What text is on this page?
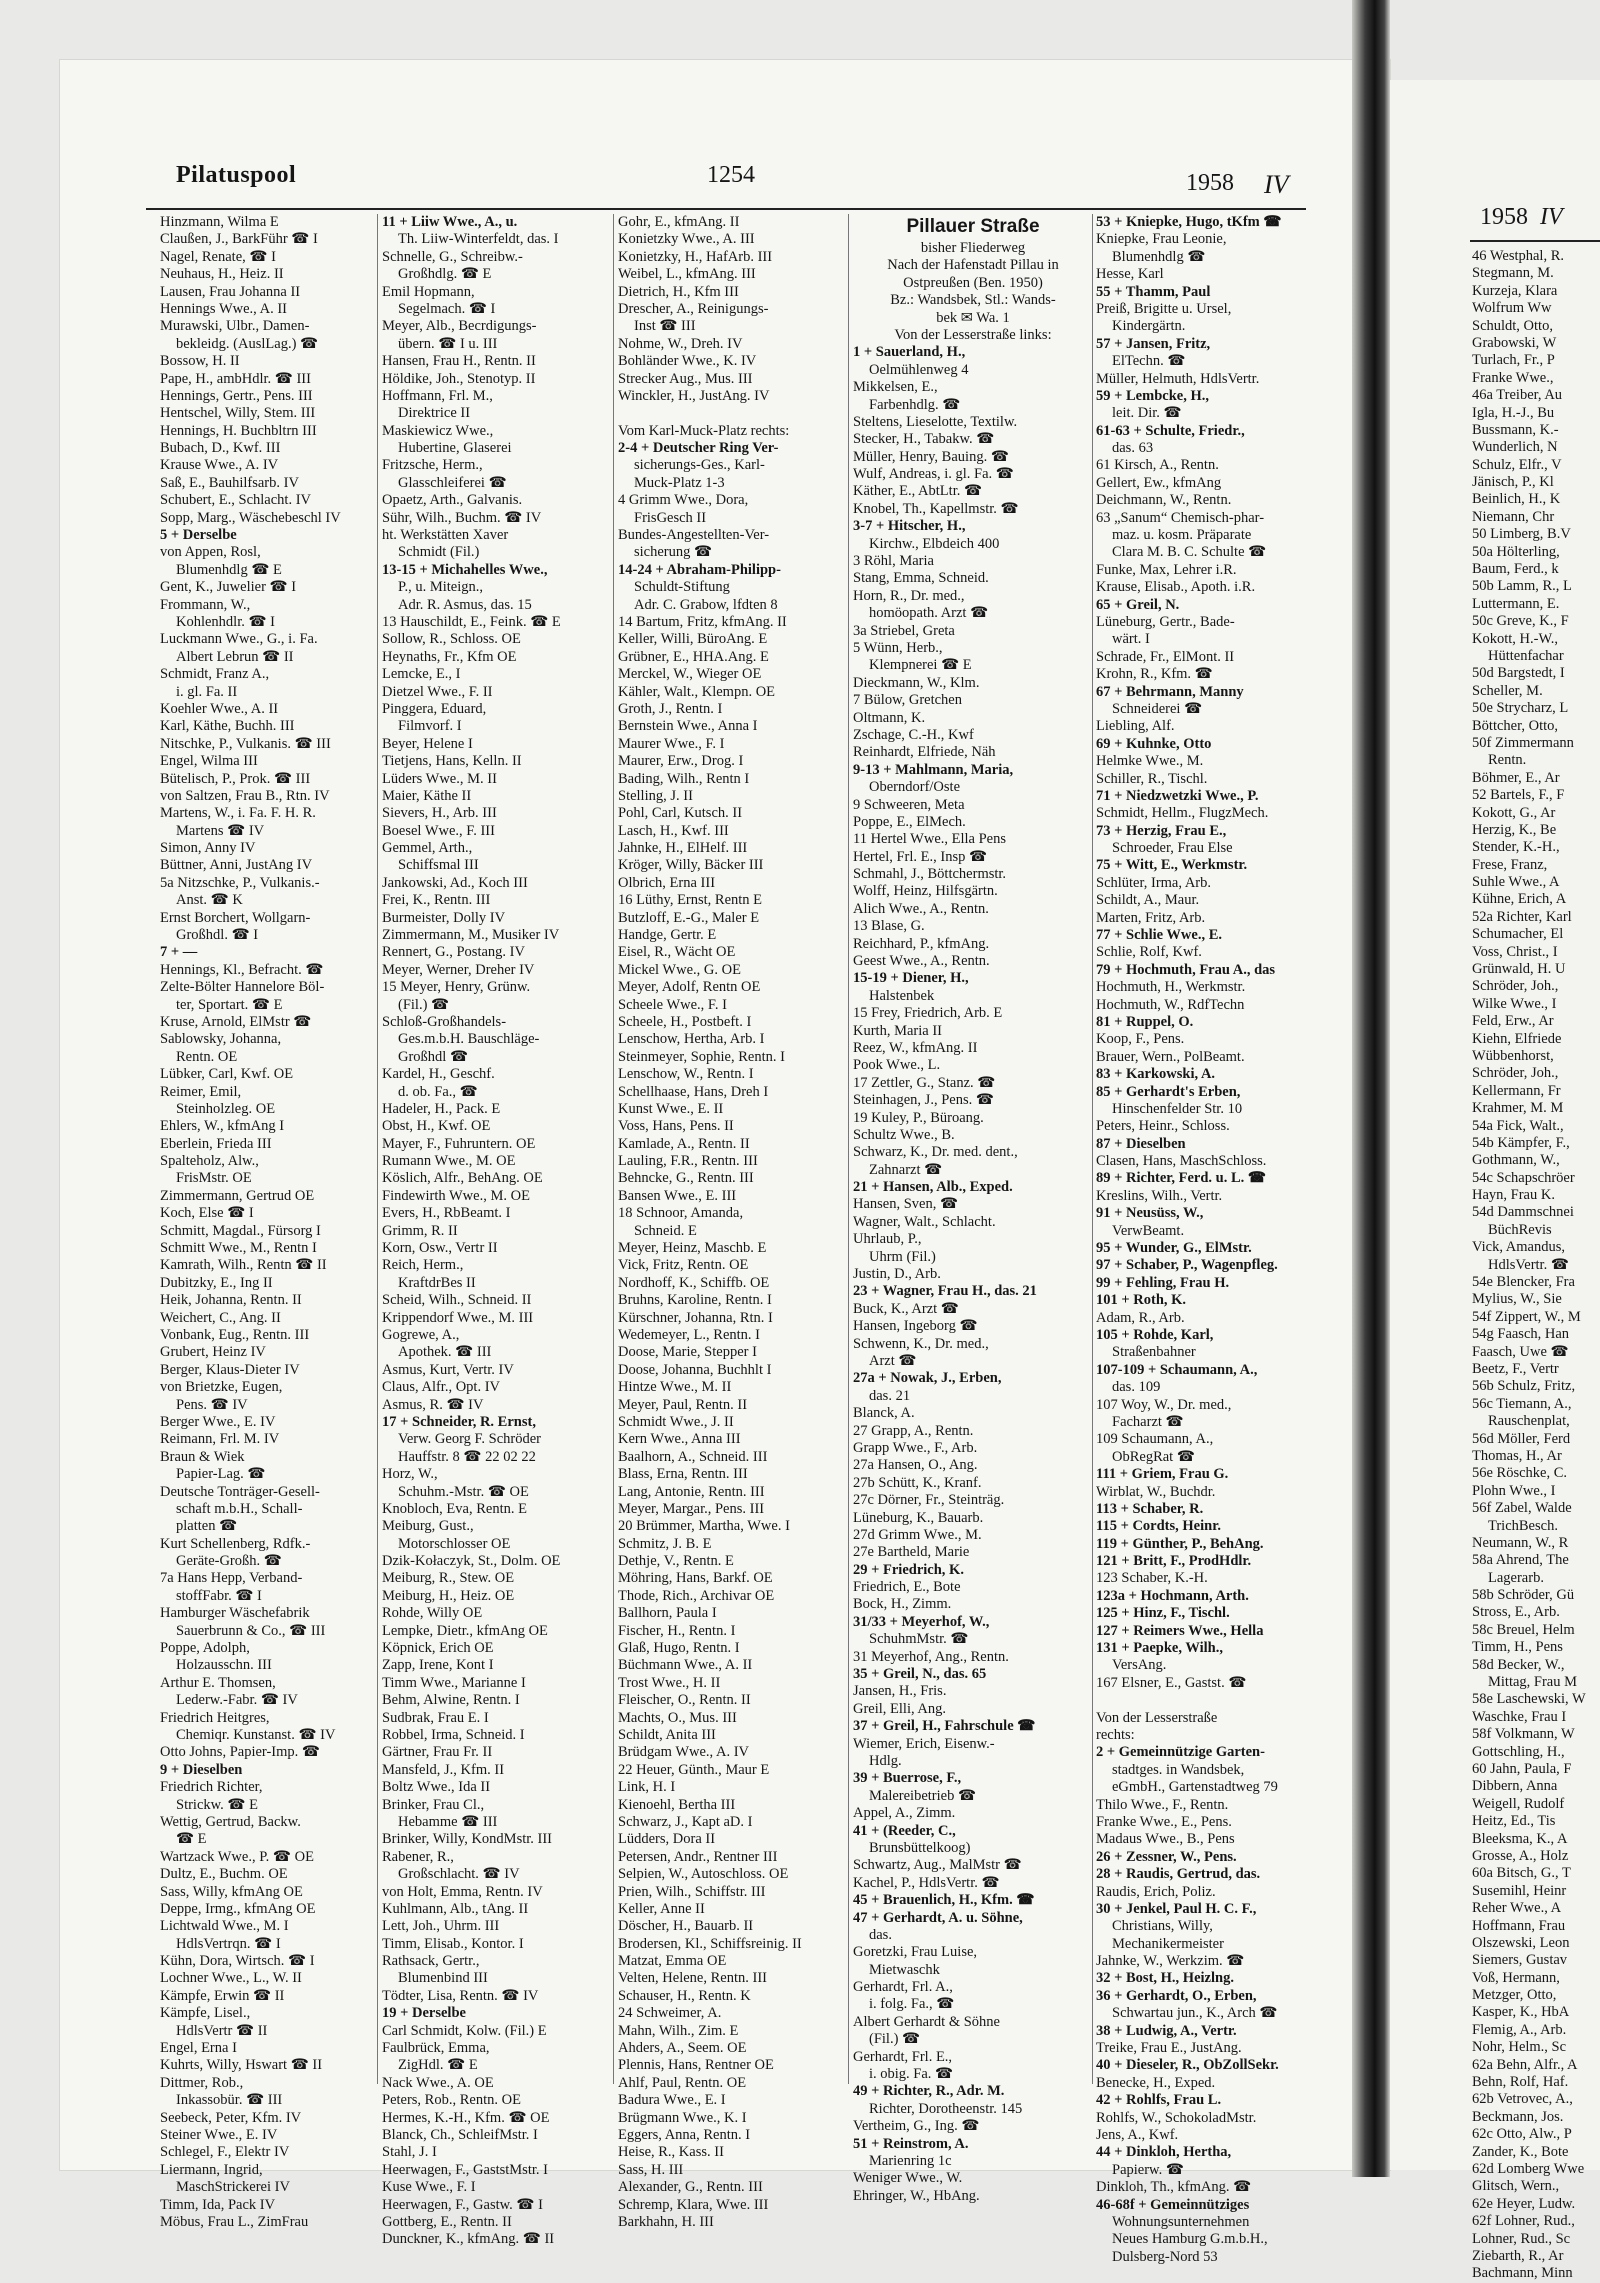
Pilatuspool	1254	1958 IV
Hinzmann, Wilma E
Claußen, J., BarkFühr ☎ I
Nagel, Renate, ☎ I
Neuhaus, H., Heiz. II
Lausen, Frau Johanna II
Hennings Wwe., A. II
Murawski, Ulbr., Damen-
bekleidg. (AuslLag.) ☎
Bossow, H. II
Pape, H., ambHdlr. ☎ III
Hennings, Gertr., Pens. III
Hentschel, Willy, Stem. III
Hennings, H. Buchbltrn III
Bubach, D., Kwf. III
Krause Wwe., A. IV
Saß, E., Bauhilfsarb. IV
Schubert, E., Schlacht. IV
Sopp, Marg., Wäschebeschl IV
5 + Derselbe
von Appen, Rosl,
Blumenhdlg ☎ E
Gent, K., Juwelier ☎ I
Frommann, W.,
Kohlenhdlr. ☎ I
Luckmann Wwe., G., i. Fa.
Albert Lebrun ☎ II
Schmidt, Franz A.,
i. gl. Fa. II
Koehler Wwe., A. II
Karl, Käthe, Buchh. III
Nitschke, P., Vulkanis. ☎ III
Engel, Wilma III
Bütelisch, P., Prok. ☎ III
von Saltzen, Frau B., Rtn. IV
Martens, W., i. Fa. F. H. R.
Martens ☎ IV
Simon, Anny IV
Büttner, Anni, JustAng IV
5a Nitzschke, P., Vulkanis.-
Anst. ☎ K
Ernst Borchert, Wollgarn-
Großhdl. ☎ I
7 + —
Hennings, Kl., Befracht. ☎
Zelte-Bölter Hannelore Böl-
ter, Sportart. ☎ E
Kruse, Arnold, ElMstr ☎
Sablowsky, Johanna,
Rentn. OE
Lübker, Carl, Kwf. OE
Reimer, Emil,
Steinholzleg. OE
Ehlers, W., kfmAng I
Eberlein, Frieda III
Spalteholz, Alw.,
FrisMstr. OE
Zimmermann, Gertrud OE
Koch, Else ☎ I
Schmitt, Magdal., Fürsorg I
Schmitt Wwe., M., Rentn I
Kamrath, Wilh., Rentn ☎ II
Dubitzky, E., Ing II
Heik, Johanna, Rentn. II
Weichert, C., Ang. II
Vonbank, Eug., Rentn. III
Grubert, Heinz IV
Berger, Klaus-Dieter IV
von Brietzke, Eugen,
Pens. ☎ IV
Berger Wwe., E. IV
Reimann, Frl. M. IV
Braun & Wiek
Papier-Lag. ☎
Deutsche Tonträger-Gesell-
schaft m.b.H., Schall-
platten ☎
Kurt Schellenberg, Rdfk.-
Geräte-Großh. ☎
7a Hans Hepp, Verband-
stoffFabr. ☎ I
Hamburger Wäschefabrik
Sauerbrunn & Co., ☎ III
Poppe, Adolph,
Holzausschn. III
Arthur E. Thomsen,
Lederw.-Fabr. ☎ IV
Friedrich Heitgres,
Chemiqr. Kunstanst. ☎ IV
Otto Johns, Papier-Imp. ☎
9 + Dieselben
Friedrich Richter,
Strickw. ☎ E
Wettig, Gertrud, Backw.
☎ E
Wartzack Wwe., P. ☎ OE
Dultz, E., Buchm. OE
Sass, Willy, kfmAng OE
Deppe, Irmg., kfmAng OE
Lichtwald Wwe., M. I
HdlsVertrqn. ☎ I
Kühn, Dora, Wirtsch. ☎ I
Lochner Wwe., L., W. II
Kämpfe, Erwin ☎ II
Kämpfe, Lisel.,
HdlsVertr ☎ II
Engel, Erna I
Kuhrts, Willy, Hswart ☎ II
Dittmer, Rob.,
Inkassobür. ☎ III
Seebeck, Peter, Kfm. IV
Steiner Wwe., E. IV
Schlegel, F., Elektr IV
Liermann, Ingrid,
MaschStrickerei IV
Timm, Ida, Pack IV
Möbus, Frau L., ZimFrau
11 + Liiw Wwe., A., u.
Th. Liiw-Winterfeldt, das. I
Schnelle, G., Schreibw.-
Großhdlg. ☎ E
Emil Hopmann,
Segelmach. ☎ I
Meyer, Alb., Becrdigungs-
übern. ☎ I u. III
Hansen, Frau H., Rentn. II
Höldike, Joh., Stenotyp. II
Hoffmann, Frl. M.,
Direktrice II
Maskiewicz Wwe.,
Hubertine, Glaserei
Fritzsche, Herm.,
Glasschleiferei ☎
Opaetz, Arth., Galvanis.
Sühr, Wilh., Buchm. ☎ IV
ht. Werkstätten Xaver
Schmidt (Fil.)
13-15 + Michahelles Wwe.,
P., u. Miteign.,
Adr. R. Asmus, das. 15
13 Hauschildt, E., Feink. ☎ E
Sollow, R., Schloss. OE
Heynaths, Fr., Kfm OE
Lemcke, E., I
Dietzel Wwe., F. II
Pinggera, Eduard,
Filmvorf. I
Beyer, Helene I
Tietjens, Hans, Kelln. II
Lüders Wwe., M. II
Maier, Käthe II
Sievers, H., Arb. III
Boesel Wwe., F. III
Gemmel, Arth.,
Schiffsmal III
Jankowski, Ad., Koch III
Frei, K., Rentn. III
Burmeister, Dolly IV
Zimmermann, M., Musiker IV
Rennert, G., Postang. IV
Meyer, Werner, Dreher IV
15 Meyer, Henry, Grünw.
(Fil.) ☎
Schloß-Großhandels-
Ges.m.b.H. Bauschläge-
Großhdl ☎
Kardel, H., Geschf.
d. ob. Fa., ☎
Hadeler, H., Pack. E
Obst, H., Kwf. OE
Mayer, F., Fuhruntern. OE
Rumann Wwe., M. OE
Köslich, Alfr., BehAng. OE
Findewirth Wwe., M. OE
Evers, H., RbBeamt. I
Grimm, R. II
Korn, Osw., Vertr II
Reich, Herm.,
KraftdrBes II
Scheid, Wilh., Schneid. II
Krippendorf Wwe., M. III
Gogrewe, A.,
Apothek. ☎ III
Asmus, Kurt, Vertr. IV
Claus, Alfr., Opt. IV
Asmus, R. ☎ IV
17 + Schneider, R. Ernst,
Verw. Georg F. Schröder
Hauffstr. 8 ☎ 22 02 22
Horz, W.,
Schuhm.-Mstr. ☎ OE
Knobloch, Eva, Rentn. E
Meiburg, Gust.,
Motorschlosser OE
Dzik-Kołaczyk, St., Dolm. OE
Meiburg, R., Stew. OE
Meiburg, H., Heiz. OE
Rohde, Willy OE
Lempke, Dietr., kfmAng OE
Köpnick, Erich OE
Zapp, Irene, Kont I
Timm Wwe., Marianne I
Behm, Alwine, Rentn. I
Sudbrak, Frau E. I
Robbel, Irma, Schneid. I
Gärtner, Frau Fr. II
Mansfeld, J., Kfm. II
Boltz Wwe., Ida II
Brinker, Frau Cl.,
Hebamme ☎ III
Brinker, Willy, KondMstr. III
Rabener, R.,
Großschlacht. ☎ IV
von Holt, Emma, Rentn. IV
Kuhlmann, Alb., tAng. II
Lett, Joh., Uhrm. III
Timm, Elisab., Kontor. I
Rathsack, Gertr.,
Blumenbind III
Tödter, Lisa, Rentn. ☎ IV
19 + Derselbe
Carl Schmidt, Kolw. (Fil.) E
Faulbrück, Emma,
ZigHdl. ☎ E
Nack Wwe., A. OE
Peters, Rob., Rentn. OE
Hermes, K.-H., Kfm. ☎ OE
Blanck, Ch., SchleifMstr. I
Stahl, J. I
Heerwagen, F., GaststMstr. I
Kuse Wwe., F. I
Heerwagen, F., Gastw. ☎ I
Gottberg, E., Rentn. II
Dunckner, K., kfmAng. ☎ II
Gohr, E., kfmAng. II
Konietzky Wwe., A. III
Konietzky, H., HafArb. III
Weibel, L., kfmAng. III
Dietrich, H., Kfm III
Drescher, A., Reinigungs-
Inst ☎ III
Nohme, W., Dreh. IV
Bohländer Wwe., K. IV
Strecker Aug., Mus. III
Winckler, H., JustAng. IV
Vom Karl-Muck-Platz rechts:
2-4 + Deutscher Ring Ver-
sicherungs-Ges., Karl-
Muck-Platz 1-3
4 Grimm Wwe., Dora,
FrisGesch II
Bundes-Angestellten-Ver-
sicherung ☎
14-24 + Abraham-Philipp-
Schuldt-Stiftung
Adr. C. Grabow, lfdten 8
14 Bartum, Fritz, kfmAng. II
Keller, Willi, BüroAng. E
Grübner, E., HHA.Ang. E
Merckel, W., Wieger OE
Kähler, Walt., Klempn. OE
Groth, J., Rentn. I
Bernstein Wwe., Anna I
Maurer Wwe., F. I
Maurer, Erw., Drog. I
Bading, Wilh., Rentn I
Stelling, J. II
Pohl, Carl, Kutsch. II
Lasch, H., Kwf. III
Jahnke, H., ElHelf. III
Kröger, Willy, Bäcker III
Olbrich, Erna III
16 Lüthy, Ernst, Rentn E
Butzloff, E.-G., Maler E
Handge, Gertr. E
Eisel, R., Wächt OE
Mickel Wwe., G. OE
Meyer, Adolf, Rentn OE
Scheele Wwe., F. I
Scheele, H., Postbeft. I
Lenschow, Hertha, Arb. I
Steinmeyer, Sophie, Rentn. I
Lenschow, W., Rentn. I
Schellhaase, Hans, Dreh I
Kunst Wwe., E. II
Voss, Hans, Pens. II
Kamlade, A., Rentn. II
Lauling, F.R., Rentn. III
Behncke, G., Rentn. III
Bansen Wwe., E. III
18 Schnoor, Amanda,
Schneid. E
Meyer, Heinz, Maschb. E
Vick, Fritz, Rentn. OE
Nordhoff, K., Schiffb. OE
Bruhns, Karoline, Rentn. I
Kürschner, Johanna, Rtn. I
Wedemeyer, L., Rentn. I
Doose, Marie, Stepper I
Doose, Johanna, Buchhlt I
Hintze Wwe., M. II
Meyer, Paul, Rentn. II
Schmidt Wwe., J. II
Kern Wwe., Anna III
Baalhorn, A., Schneid. III
Blass, Erna, Rentn. III
Lang, Antonie, Rentn. III
Meyer, Margar., Pens. III
20 Brümmer, Martha, Wwe. I
Schmitz, J. B. E
Dethje, V., Rentn. E
Möhring, Hans, Barkf. OE
Thode, Rich., Archivar OE
Ballhorn, Paula I
Fischer, H., Rentn. I
Glaß, Hugo, Rentn. I
Büchmann Wwe., A. II
Trost Wwe., H. II
Fleischer, O., Rentn. II
Machts, O., Mus. III
Schildt, Anita III
Brüdgam Wwe., A. IV
22 Heuer, Günth., Maur E
Link, H. I
Kienoehl, Bertha III
Schwarz, J., Kapt aD. I
Lüdders, Dora II
Petersen, Andr., Rentner III
Selpien, W., Autoschloss. OE
Prien, Wilh., Schiffstr. III
Keller, Anne II
Döscher, H., Bauarb. II
Brodersen, Kl., Schiffsreinig. II
Matzat, Emma OE
Velten, Helene, Rentn. III
Schauser, H., Rentn. K
24 Schweimer, A.
Mahn, Wilh., Zim. E
Ahders, A., Seem. OE
Plennis, Hans, Rentner OE
Ahlf, Paul, Rentn. OE
Badura Wwe., E. I
Brügmann Wwe., K. I
Eggers, Anna, Rentn. I
Heise, R., Kass. II
Sass, H. III
Alexander, G., Rentn. III
Schremp, Klara, Wwe. III
Barkhahn, H. III
Pillauer Straße
bisher Fliederweg
Nach der Hafenstadt Pillau in
Ostpreußen (Ben. 1950)
Bz.: Wandsbek, Stl.: Wands-
bek ✉ Wa. 1
Von der Lesserstraße links:
1 + Sauerland, H.,
Oelmühlenweg 4
Mikkelsen, E.,
Farbenhdlg. ☎
Steltens, Lieselotte, Textilw.
Stecker, H., Tabakw. ☎
Müller, Henry, Bauing. ☎
Wulf, Andreas, i. gl. Fa. ☎
Käther, E., AbtLtr. ☎
Knobel, Th., Kapellmstr. ☎
3-7 + Hitscher, H.,
Kirchw., Elbdeich 400
3 Röhl, Maria
Stang, Emma, Schneid.
Horn, R., Dr. med.,
homöopath. Arzt ☎
3a Striebel, Greta
5 Wünn, Herb.,
Klempnerei ☎ E
Dieckmann, W., Klm.
7 Bülow, Gretchen
Oltmann, K.
Zschage, C.-H., Kwf
Reinhardt, Elfriede, Näh
9-13 + Mahlmann, Maria,
Oberndorf/Oste
9 Schweeren, Meta
Poppe, E., ElMech.
11 Hertel Wwe., Ella Pens
Hertel, Frl. E., Insp ☎
Schmahl, J., Böttchermstr.
Wolff, Heinz, Hilfsgärtn.
Alich Wwe., A., Rentn.
13 Blase, G.
Reichhard, P., kfmAng.
Geest Wwe., A., Rentn.
15-19 + Diener, H.,
Halstenbek
15 Frey, Friedrich, Arb. E
Kurth, Maria II
Reez, W., kfmAng. II
Pook Wwe., L.
17 Zettler, G., Stanz. ☎
Steinhagen, J., Pens. ☎
19 Kuley, P., Büroang.
Schultz Wwe., B.
Schwarz, K., Dr. med. dent.,
Zahnarzt ☎
21 + Hansen, Alb., Exped.
Hansen, Sven, ☎
Wagner, Walt., Schlacht.
Uhrlaub, P.,
Uhrm (Fil.)
Justin, D., Arb.
23 + Wagner, Frau H., das. 21
Buck, K., Arzt ☎
Hansen, Ingeborg ☎
Schwenn, K., Dr. med.,
Arzt ☎
27a + Nowak, J., Erben,
das. 21
Blanck, A.
27 Grapp, A., Rentn.
Grapp Wwe., F., Arb.
27a Hansen, O., Ang.
27b Schütt, K., Kranf.
27c Dörner, Fr., Steinträg.
Lüneburg, K., Bauarb.
27d Grimm Wwe., M.
27e Bartheld, Marie
29 + Friedrich, K.
Friedrich, E., Bote
Bock, H., Zimm.
31/33 + Meyerhof, W.,
SchuhmMstr. ☎
31 Meyerhof, Ang., Rentn.
35 + Greil, N., das. 65
Jansen, H., Fris.
Greil, Elli, Ang.
37 + Greil, H., Fahrschule ☎
Wiemer, Erich, Eisenw.-
Hdlg.
39 + Buerrose, F.,
Malereibetrieb ☎
Appel, A., Zimm.
41 + (Reeder, C.,
Brunsbüttelkoog)
Schwartz, Aug., MalMstr ☎
Kachel, P., HdlsVertr. ☎
45 + Brauenlich, H., Kfm. ☎
47 + Gerhardt, A. u. Söhne,
das.
Goretzki, Frau Luise,
Mietwaschk
Gerhardt, Frl. A.,
i. folg. Fa., ☎
Albert Gerhardt & Söhne
(Fil.) ☎
Gerhardt, Frl. E.,
i. obig. Fa. ☎
49 + Richter, R., Adr. M.
Richter, Dorotheenstr. 145
Vertheim, G., Ing. ☎
51 + Reinstrom, A.
Marienring 1c
Weniger Wwe., W.
Ehringer, W., HbAng.
53 + Kniepke, Hugo, tKfm ☎
Kniepke, Frau Leonie,
Blumenhdlg ☎
Hesse, Karl
55 + Thamm, Paul
Preiß, Brigitte u. Ursel,
Kindergärtn.
57 + Jansen, Fritz,
ElTechn. ☎
Müller, Helmuth, HdlsVertr.
59 + Lembcke, H.,
leit. Dir. ☎
61-63 + Schulte, Friedr.,
das. 63
61 Kirsch, A., Rentn.
Gellert, Ew., kfmAng
Deichmann, W., Rentn.
63 „Sanum“ Chemisch-phar-
maz. u. kosm. Präparate
Clara M. B. C. Schulte ☎
Funke, Max, Lehrer i.R.
Krause, Elisab., Apoth. i.R.
65 + Greil, N.
Lüneburg, Gertr., Bade-
wärt. I
Schrade, Fr., ElMont. II
Krohn, R., Kfm. ☎
67 + Behrmann, Manny
Schneiderei ☎
Liebling, Alf.
69 + Kuhnke, Otto
Helmke Wwe., M.
Schiller, R., Tischl.
71 + Niedzwetzki Wwe., P.
Schmidt, Hellm., FlugzMech.
73 + Herzig, Frau E.,
Schroeder, Frau Else
75 + Witt, E., Werkmstr.
Schlüter, Irma, Arb.
Schildt, A., Maur.
Marten, Fritz, Arb.
77 + Schlie Wwe., E.
Schlie, Rolf, Kwf.
79 + Hochmuth, Frau A., das
Hochmuth, H., Werkmstr.
Hochmuth, W., RdfTechn
81 + Ruppel, O.
Koop, F., Pens.
Brauer, Wern., PolBeamt.
83 + Karkowski, A.
85 + Gerhardt's Erben,
Hinschenfelder Str. 10
Peters, Heinr., Schloss.
87 + Dieselben
Clasen, Hans, MaschSchloss.
89 + Richter, Ferd. u. L. ☎
Kreslins, Wilh., Vertr.
91 + Neusüss, W.,
VerwBeamt.
95 + Wunder, G., ElMstr.
97 + Schaber, P., Wagenpfleg.
99 + Fehling, Frau H.
101 + Roth, K.
Adam, R., Arb.
105 + Rohde, Karl,
Straßenbahner
107-109 + Schaumann, A.,
das. 109
107 Woy, W., Dr. med.,
Facharzt ☎
109 Schaumann, A.,
ObRegRat ☎
111 + Griem, Frau G.
Wirblat, W., Buchdr.
113 + Schaber, R.
115 + Cordts, Heinr.
119 + Günther, P., BehAng.
121 + Britt, F., ProdHdlr.
123 Schaber, K.-H.
123a + Hochmann, Arth.
125 + Hinz, F., Tischl.
127 + Reimers Wwe., Hella
131 + Paepke, Wilh.,
VersAng.
167 Elsner, E., Gastst. ☎
Von der Lesserstraße
rechts:
2 + Gemeinnützige Garten-
stadtges. in Wandsbek,
eGmbH., Gartenstadtweg 79
Thilo Wwe., F., Rentn.
Franke Wwe., E., Pens.
Madaus Wwe., B., Pens
26 + Zessner, W., Pens.
28 + Raudis, Gertrud, das.
Raudis, Erich, Poliz.
30 + Jenkel, Paul H. C. F.,
Christians, Willy,
Mechanikermeister
Jahnke, W., Werkzim. ☎
32 + Bost, H., Heizlng.
36 + Gerhardt, O., Erben,
Schwartau jun., K., Arch ☎
38 + Ludwig, A., Vertr.
Treike, Frau E., JustAng.
40 + Dieseler, R., ObZollSekr.
Benecke, H., Exped.
42 + Rohlfs, Frau L.
Rohlfs, W., SchokoladMstr.
Jens, A., Kwf.
44 + Dinkloh, Hertha,
Papierw. ☎
Dinkloh, Th., kfmAng. ☎
46-68f + Gemeinnütziges
Wohnungsunternehmen
Neues Hamburg G.m.b.H.,
Dulsberg-Nord 53
1958 IV
46 Westphal, R.
Stegmann, M.
Kurzeja, Klara
Wolfrum Ww
Schuldt, Otto,
Grabowski, W
Turlach, Fr., P
Franke Wwe.,
46a Treiber, Au
Igla, H.-J., Bu
Bussmann, K.-
Wunderlich, N
Schulz, Elfr., V
Jänisch, P., Kl
Beinlich, H., K
Niemann, Chr
50 Limberg, B.V
50a Hölterling,
Baum, Ferd., k
50b Lamm, R., L
Luttermann, E.
50c Greve, K., F
Kokott, H.-W.,
Hüttenfachar
50d Bargstedt, I
Scheller, M.
50e Strycharz, L
Böttcher, Otto,
50f Zimmermann
Rentn.
Böhmer, E., Ar
52 Bartels, F., F
Kokott, G., Ar
Herzig, K., Be
Stender, K.-H.,
Frese, Franz,
Suhle Wwe., A
Kühne, Erich, A
52a Richter, Karl
Schumacher, El
Voss, Christ., I
Grünwald, H. U
Schröder, Joh.,
Wilke Wwe., I
Feld, Erw., Ar
Kiehn, Elfriede
Wübbenhorst,
Schröder, Joh.,
Kellermann, Fr
Krahmer, M. M
54a Fick, Walt.,
54b Kämpfer, F.,
Gothmann, W.,
54c Schapschröer
Hayn, Frau K.
54d Dammschnei
BüchRevis
Vick, Amandus,
HdlsVertr. ☎
54e Blencker, Fra
Mylius, W., Sie
54f Zippert, W., M
54g Faasch, Han
Faasch, Uwe ☎
Beetz, F., Vertr
56b Schulz, Fritz,
56c Tiemann, A.,
Rauschenplat,
56d Möller, Ferd
Thomas, H., Ar
56e Röschke, C.
Plohn Wwe., I
56f Zabel, Walde
TrichBesch.
Neumann, W., R
58a Ahrend, The
Lagerarb.
58b Schröder, Gü
Stross, E., Arb.
58c Breuel, Helm
Timm, H., Pens
58d Becker, W.,
Mittag, Frau M
58e Laschewski, W
Waschke, Frau I
58f Volkmann, W
Gottschling, H.,
60 Jahn, Paula, F
Dibbern, Anna
Weigell, Rudolf
Heitz, Ed., Tis
Bleeksma, K., A
Grosse, A., Holz
60a Bitsch, G., T
Susemihl, Heinr
Reher Wwe., A
Hoffmann, Frau
Olszewski, Leon
Siemers, Gustav
Voß, Hermann,
Metzger, Otto,
Kasper, K., HbA
Flemig, A., Arb.
Nohr, Helm., Sc
62a Behn, Alfr., A
Behn, Rolf, Haf.
62b Vetrovec, A.,
Beckmann, Jos.
62c Otto, Alw., P
Zander, K., Bote
62d Lomberg Wwe
Glitsch, Wern.,
62e Heyer, Ludw.
62f Lohner, Rud.,
Lohner, Rud., Sc
Ziebarth, R., Ar
Bachmann, Minn
